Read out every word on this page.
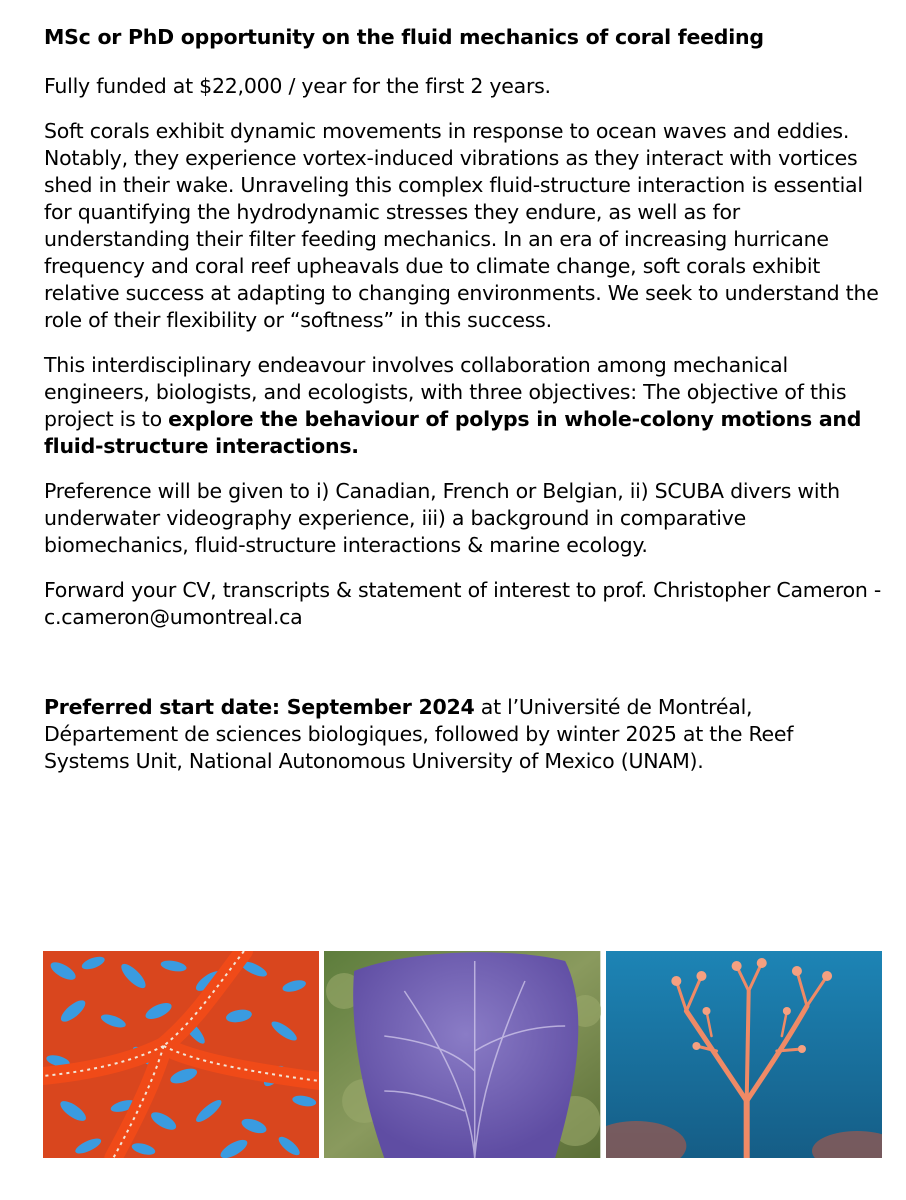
MSc or PhD opportunity on the fluid mechanics of coral feeding

Fully funded at $22,000 / year for the first 2 years.

Soft corals exhibit dynamic movements in response to ocean waves and eddies. Notably, they experience vortex-induced vibrations as they interact with vortices shed in their wake. Unraveling this complex fluid-structure interaction is essential for quantifying the hydrodynamic stresses they endure, as well as for understanding their filter feeding mechanics. In an era of increasing hurricane frequency and coral reef upheavals due to climate change, soft corals exhibit relative success at adapting to changing environments. We seek to understand the role of their flexibility or “softness” in this success.

This interdisciplinary endeavour involves collaboration among mechanical engineers, biologists, and ecologists, with three objectives: The objective of this project is to explore the behaviour of polyps in whole-colony motions and fluid-structure interactions.

Preference will be given to i) Canadian, French or Belgian, ii) SCUBA divers with underwater videography experience, iii) a background in comparative biomechanics, fluid-structure interactions & marine ecology.

Forward your CV, transcripts & statement of interest to prof. Christopher Cameron - c.cameron@umontreal.ca

Preferred start date: September 2024 at l’Université de Montréal, Département de sciences biologiques, followed by winter 2025 at the Reef Systems Unit, National Autonomous University of Mexico (UNAM).
